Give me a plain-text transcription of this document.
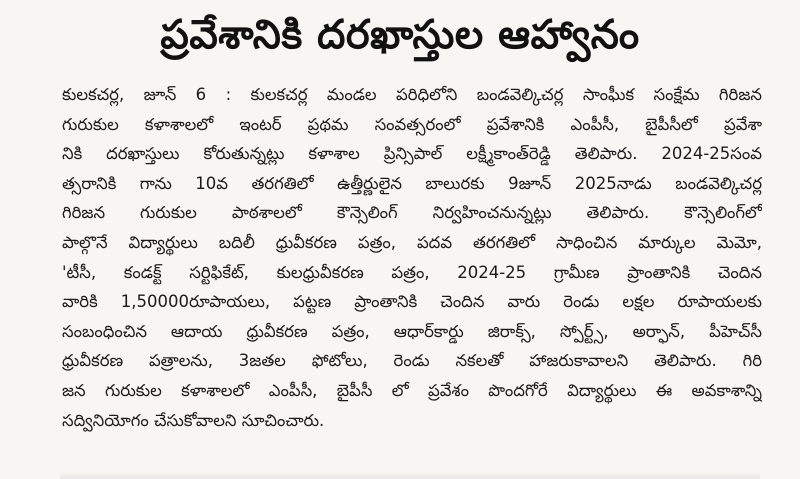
ప్రవేశానికి దరఖాస్తుల ఆహ్వానం
కులకచర్ల, జూన్ 6 : కులకచర్ల మండల పరిధిలోని బండవెల్కిచర్ల సాంఘీక సంక్షేమ గిరిజన
గురుకుల కళాశాలలో ఇంటర్ ప్రథమ సంవత్సరంలో ప్రవేశానికి ఎంపీసీ, బైపీసీలో ప్రవేశా
నికి దరఖాస్తులు కోరుతున్నట్లు కళాశాల ప్రిన్సిపాల్ లక్ష్మీకాంత్‌రెడ్డి తెలిపారు. 2024-25సంవ
త్సరానికి గాను 10వ తరగతిలో ఉత్తీర్ణులైన బాలురకు 9జూన్ 2025నాడు బండవెల్కిచర్ల
గిరిజన గురుకుల పాఠశాలలో కౌన్సెలింగ్ నిర్వహించనున్నట్లు తెలిపారు. కౌన్సెలింగ్‌లో
పాల్గొనే విద్యార్థులు బదిలీ ధ్రువీకరణ పత్రం, పదవ తరగతిలో సాధించిన మార్కుల మెమో,
'టీసీ, కండక్ట్ సర్టిఫికేట్, కులధ్రువీకరణ పత్రం, 2024-25 గ్రామీణ ప్రాంతానికి చెందిన
వారికి 1,50000రూపాయలు, పట్టణ ప్రాంతానికి చెందిన వారు రెండు లక్షల రూపాయలకు
సంబంధించిన ఆదాయ ధ్రువీకరణ పత్రం, ఆధార్‌కార్డు జిరాక్స్, స్పోర్ట్స్, అర్ఫాన్, పీహెచ్‌సీ
ధ్రువీకరణ పత్రాలను, 3జతల ఫోటోలు, రెండు నకలతో హాజరుకావాలని తెలిపారు. గిరి
జన గురుకుల కళాశాలలో ఎంపీసీ, బైపీసీ లో ప్రవేశం పొందగోరే విద్యార్థులు ఈ అవకాశాన్ని
సద్వినియోగం చేసుకోవాలని సూచించారు.
